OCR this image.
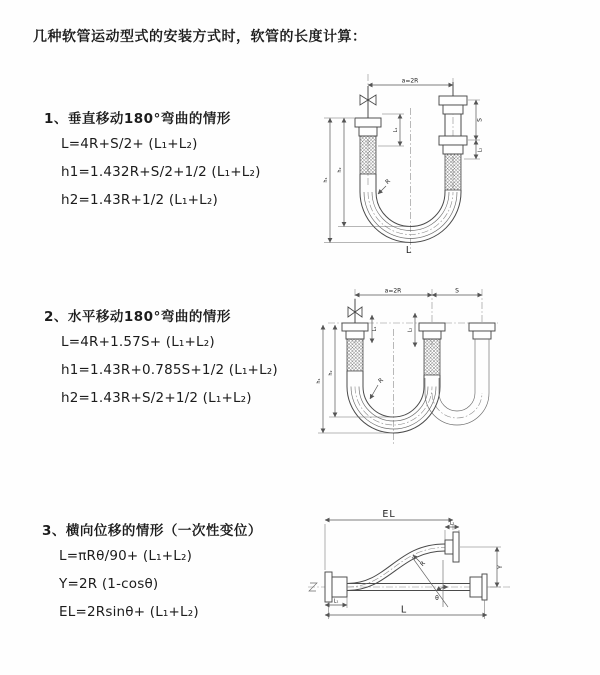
几种软管运动型式的安装方式时，软管的长度计算：
1、垂直移动180°弯曲的情形
L=4R+S/2+ (L₁+L₂)
h1=1.432R+S/2+1/2 (L₁+L₂)
h2=1.43R+1/2 (L₁+L₂)
2、水平移动180°弯曲的情形
L=4R+1.57S+ (L₁+L₂)
h1=1.43R+0.785S+1/2 (L₁+L₂)
h2=1.43R+S/2+1/2 (L₁+L₂)
3、横向位移的情形（一次性变位）
L=πRθ/90+ (L₁+L₂)
Y=2R (1-cosθ)
EL=2Rsinθ+ (L₁+L₂)
a=2R
L₁
S
L₂
h₁
h₂
R
L
a=2R	S
h₁
h₂
L₁	L₂
R
EL
L₂
Y
R
θ
L
L₁
